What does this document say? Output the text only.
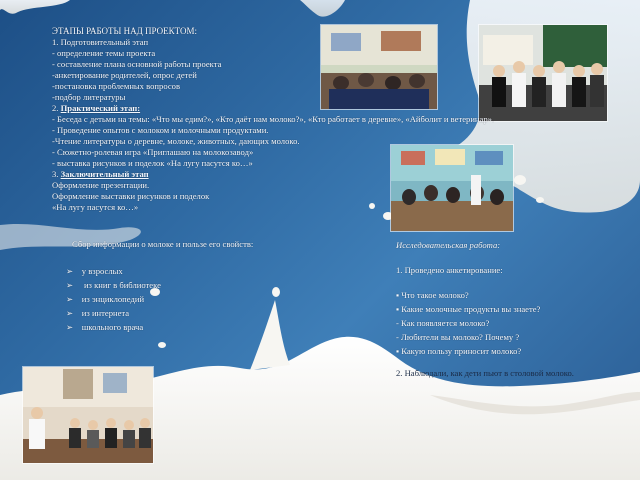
ЭТАПЫ РАБОТЫ НАД ПРОЕКТОМ:
1. Подготовительный этап
- определение темы проекта
- составление плана основной работы проекта
-анкетирование родителей, опрос детей
-постановка проблемных вопросов
-подбор литературы
2. Практический этап:
- Беседа с детьми на темы: «Что мы едим?», «Кто даёт нам молоко?», «Кто работает в деревне», «Айболит и ветеринар».
- Проведение опытов с молоком и молочными продуктами.
-Чтение литературы о деревне, молоке, животных, дающих молоко.
- Сюжетно-ролевая игра «Приглашаю на молокозавод»
- выставка рисунков и поделок «На лугу пасутся ко…»
3. Заключительный этап
Оформление презентации.
Оформление выставки рисунков и поделок
«На лугу пасутся ко…»
Сбор информации о молоке и пользе его свойств:
➢ у взрослых
➢     из книг в библиотеке
➢ из энциклопедий
➢ из интернета
➢ школьного врача
Исследовательская работа:
1. Проведено анкетирование:
▪ Что такое молоко?
▪ Какие молочные продукты вы знаете?
- Как появляется молоко?
- Любители вы молоко? Почему ?
▪ Какую пользу приносит молоко?
2. Наблюдали, как дети пьют в столовой молоко.
